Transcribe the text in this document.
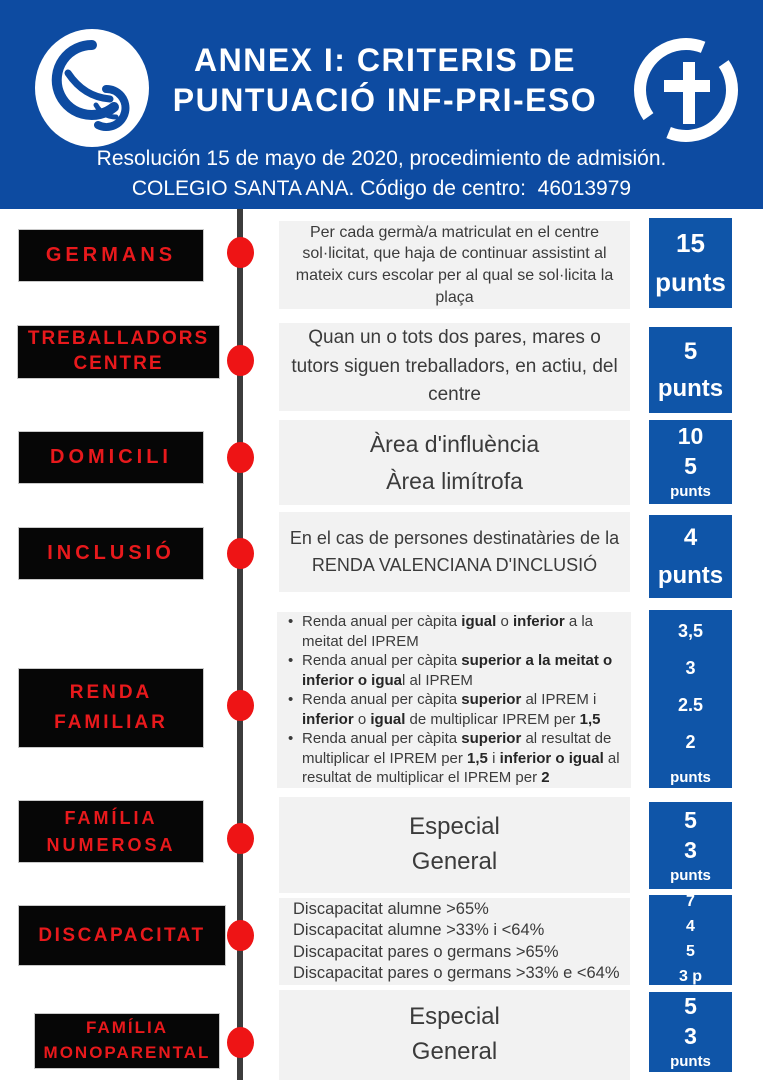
ANNEX I: CRITERIS DE
PUNTUACIÓ INF-PRI-ESO
Resolución 15 de mayo de 2020, procedimiento de admisión.
COLEGIO SANTA ANA. Código de centro:  46013979
GERMANS
Per cada germà/a matriculat en el centre sol·licitat, que haja de continuar assistint al mateix curs escolar per al qual se sol·licita la plaça
15
punts
TREBALLADORS
CENTRE
Quan un o tots dos pares, mares o tutors siguen treballadors, en actiu, del centre
5
punts
DOMICILI
Àrea d'influència
Àrea limítrofa
10
5
punts
INCLUSIÓ
En el cas de persones destinatàries de la RENDA VALENCIANA D'INCLUSIÓ
4
punts
RENDA
FAMILIAR
• Renda anual per càpita igual o inferior a la meitat del IPREM
• Renda anual per càpita superior a la meitat o inferior o igual al IPREM
• Renda anual per càpita superior al IPREM i inferior o igual de multiplicar IPREM per 1,5
• Renda anual per càpita superior al resultat de multiplicar el IPREM per 1,5 i inferior o igual al resultat de multiplicar el IPREM per 2
3,5
3
2.5
2
punts
FAMÍLIA
NUMEROSA
Especial
General
5
3
punts
DISCAPACITAT
Discapacitat alumne >65%
Discapacitat alumne >33% i <64%
Discapacitat pares o germans >65%
Discapacitat pares o germans >33% e <64%
7
4
5
3 p
FAMÍLIA
MONOPARENTAL
Especial
General
5
3
punts
